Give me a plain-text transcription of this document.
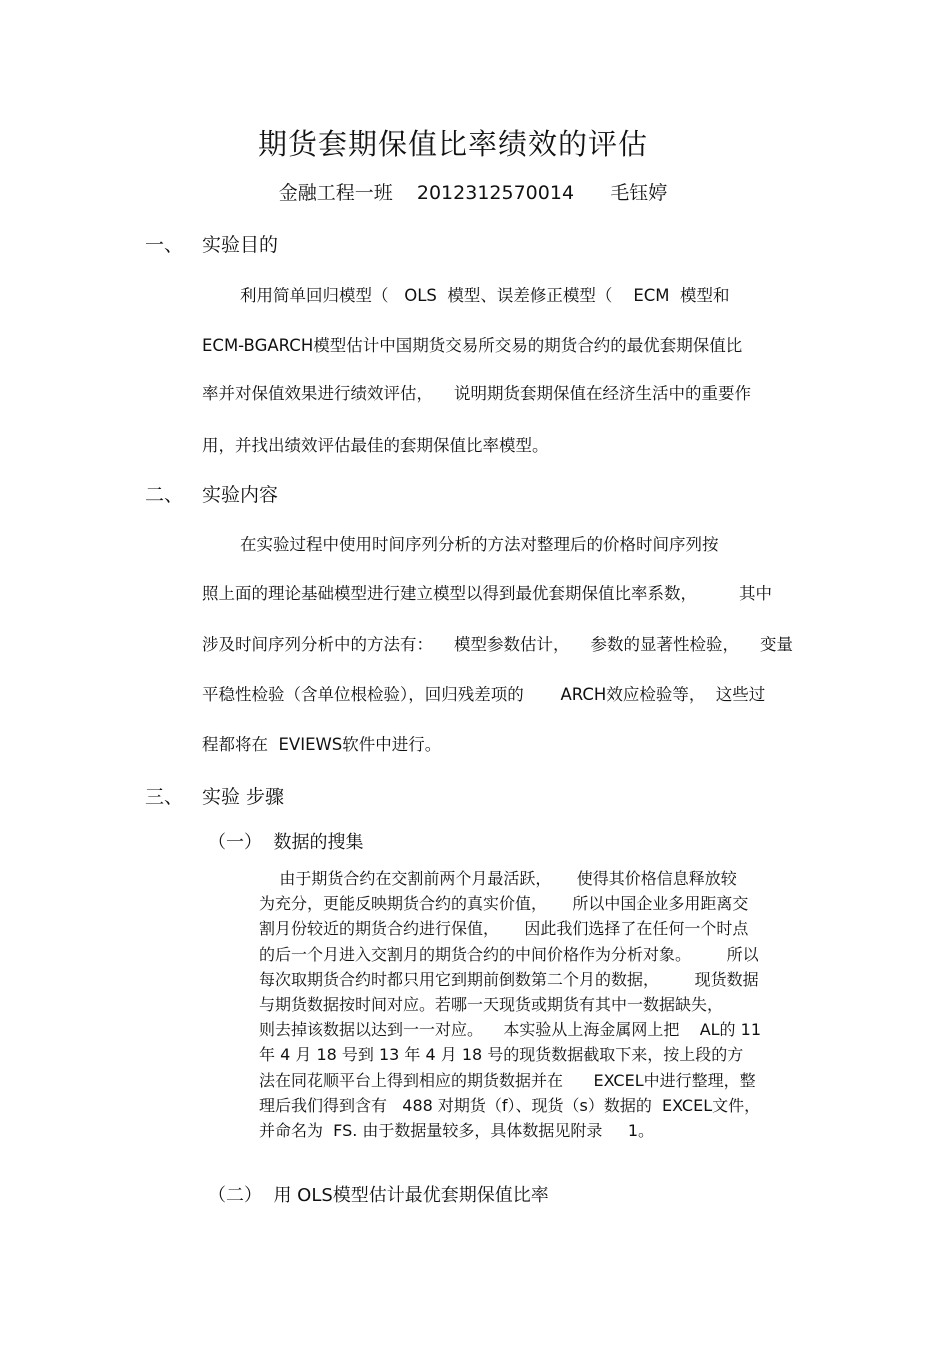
期货套期保值比率绩效的评估
金融工程一班    2012312570014      毛钰婷
一、 实验目的
利用简单回归模型（   OLS  模型、误差修正模型（    ECM  模型和
ECM-BGARCH模型估计中国期货交易所交易的期货合约的最优套期保值比
率并对保值效果进行绩效评估，    说明期货套期保值在经济生活中的重要作
用，并找出绩效评估最佳的套期保值比率模型。
二、 实验内容
在实验过程中使用时间序列分析的方法对整理后的价格时间序列按
照上面的理论基础模型进行建立模型以得到最优套期保值比率系数，        其中
涉及时间序列分析中的方法有：    模型参数估计，    参数的显著性检验，    变量
平稳性检验（含单位根检验），回归残差项的       ARCH效应检验等，  这些过
程都将在  EVIEWS软件中进行。
三、 实验 步骤
（一）  数据的搜集
由于期货合约在交割前两个月最活跃，     使得其价格信息释放较
为充分，更能反映期货合约的真实价值，     所以中国企业多用距离交
割月份较近的期货合约进行保值，     因此我们选择了在任何一个时点
的后一个月进入交割月的期货合约的中间价格作为分析对象。       所以
每次取期货合约时都只用它到期前倒数第二个月的数据，       现货数据
与期货数据按时间对应。若哪一天现货或期货有其中一数据缺失，
则去掉该数据以达到一一对应。    本实验从上海金属网上把    AL的 11
年 4 月 18 号到 13 年 4 月 18 号的现货数据截取下来，按上段的方
法在同花顺平台上得到相应的期货数据并在      EXCEL中进行整理，整
理后我们得到含有   488 对期货（f）、现货（s）数据的  EXCEL文件，
并命名为  FS. 由于数据量较多，具体数据见附录     1。
（二）  用 OLS模型估计最优套期保值比率
